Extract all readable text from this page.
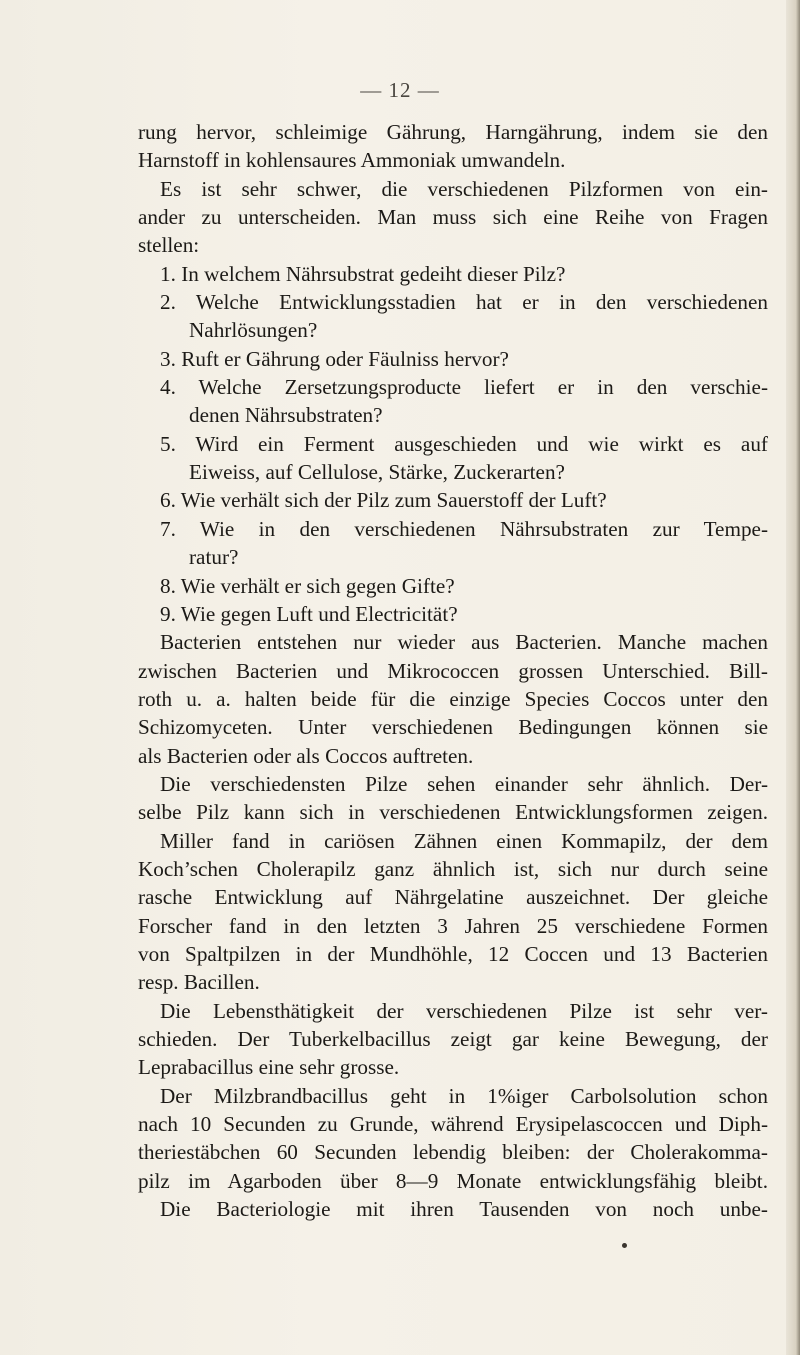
— 12 —
rung hervor, schleimige Gährung, Harngährung, indem sie den
Harnstoff in kohlensaures Ammoniak umwandeln.
Es ist sehr schwer, die verschiedenen Pilzformen von ein-
ander zu unterscheiden. Man muss sich eine Reihe von Fragen
stellen:
1. In welchem Nährsubstrat gedeiht dieser Pilz?
2. Welche Entwicklungsstadien hat er in den verschiedenen
Nahrlösungen?
3. Ruft er Gährung oder Fäulniss hervor?
4. Welche Zersetzungsproducte liefert er in den verschie-
denen Nährsubstraten?
5. Wird ein Ferment ausgeschieden und wie wirkt es auf
Eiweiss, auf Cellulose, Stärke, Zuckerarten?
6. Wie verhält sich der Pilz zum Sauerstoff der Luft?
7. Wie in den verschiedenen Nährsubstraten zur Tempe-
ratur?
8. Wie verhält er sich gegen Gifte?
9. Wie gegen Luft und Electricität?
Bacterien entstehen nur wieder aus Bacterien. Manche machen
zwischen Bacterien und Mikrococcen grossen Unterschied. Bill-
roth u. a. halten beide für die einzige Species Coccos unter den
Schizomyceten. Unter verschiedenen Bedingungen können sie
als Bacterien oder als Coccos auftreten.
Die verschiedensten Pilze sehen einander sehr ähnlich. Der-
selbe Pilz kann sich in verschiedenen Entwicklungsformen zeigen.
Miller fand in cariösen Zähnen einen Kommapilz, der dem
Koch’schen Cholerapilz ganz ähnlich ist, sich nur durch seine
rasche Entwicklung auf Nährgelatine auszeichnet. Der gleiche
Forscher fand in den letzten 3 Jahren 25 verschiedene Formen
von Spaltpilzen in der Mundhöhle, 12 Coccen und 13 Bacterien
resp. Bacillen.
Die Lebensthätigkeit der verschiedenen Pilze ist sehr ver-
schieden. Der Tuberkelbacillus zeigt gar keine Bewegung, der
Leprabacillus eine sehr grosse.
Der Milzbrandbacillus geht in 1%iger Carbolsolution schon
nach 10 Secunden zu Grunde, während Erysipelascoccen und Diph-
theriestäbchen 60 Secunden lebendig bleiben: der Cholerakomma-
pilz im Agarboden über 8—9 Monate entwicklungsfähig bleibt.
Die Bacteriologie mit ihren Tausenden von noch unbe-
